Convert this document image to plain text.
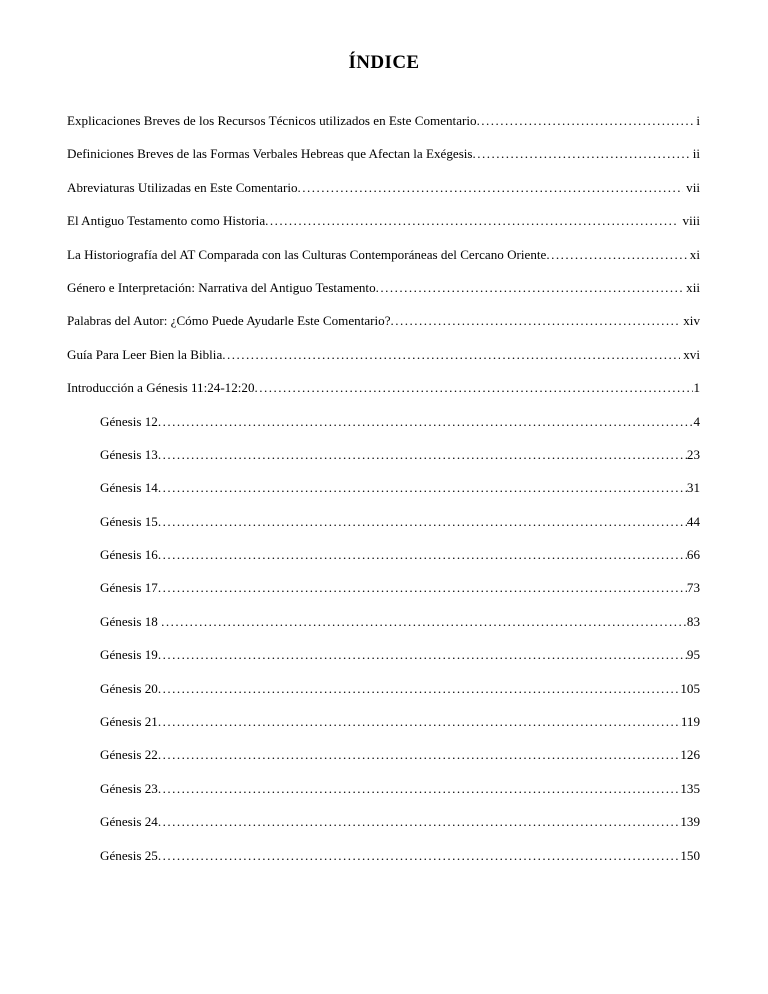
ÍNDICE
Explicaciones Breves de los Recursos Técnicos utilizados en Este Comentario . . .	i
Definiciones Breves de las Formas Verbales Hebreas que Afectan la Exégesis . . .	ii
Abreviaturas Utilizadas en Este Comentario . . .	vii
El Antiguo Testamento como Historia . . .	viii
La Historiografía del AT Comparada con las Culturas Contemporáneas del Cercano Oriente . . .	xi
Género e Interpretación: Narrativa del Antiguo Testamento . . .	xii
Palabras del Autor: ¿Cómo Puede Ayudarle Este Comentario? . . .	xiv
Guía Para Leer Bien la Biblia . . .	xvi
Introducción a Génesis 11:24-12:20 . . .	1
Génesis 12 . . .	4
Génesis 13 . . .	23
Génesis 14 . . .	31
Génesis 15 . . .	44
Génesis 16 . . .	66
Génesis 17 . . .	73
Génesis 18 . . .	83
Génesis 19 . . .	95
Génesis 20 . . .	105
Génesis 21 . . .	119
Génesis 22 . . .	126
Génesis 23 . . .	135
Génesis 24 . . .	139
Génesis 25 . . .	150
